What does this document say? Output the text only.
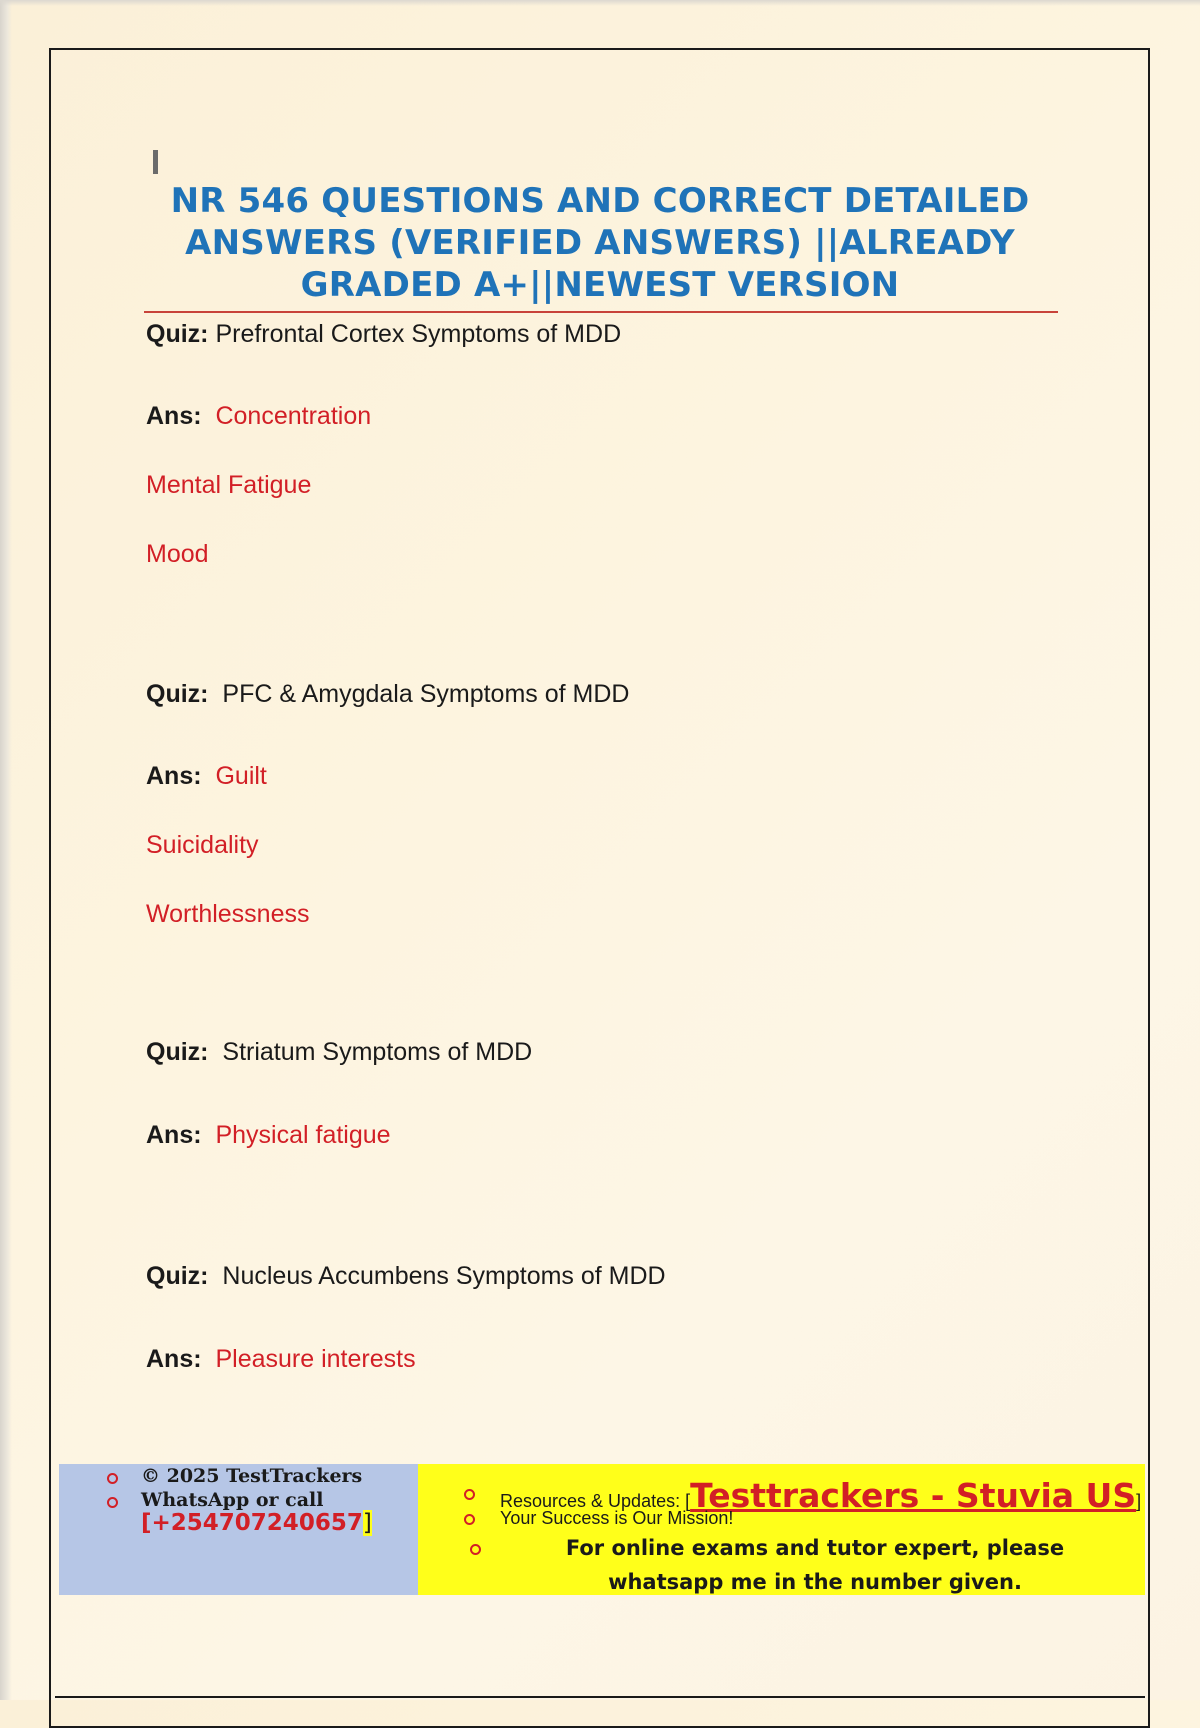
NR 546 QUESTIONS AND CORRECT DETAILED ANSWERS (VERIFIED ANSWERS) ||ALREADY GRADED A+||NEWEST VERSION
Quiz: Prefrontal Cortex Symptoms of MDD
Ans: Concentration
Mental Fatigue
Mood
Quiz: PFC & Amygdala Symptoms of MDD
Ans: Guilt
Suicidality
Worthlessness
Quiz: Striatum Symptoms of MDD
Ans: Physical fatigue
Quiz: Nucleus Accumbens Symptoms of MDD
Ans: Pleasure interests
© 2025 TestTrackers
WhatsApp or call
[+254707240657]
Resources & Updates: [Testtrackers - Stuvia US]
Your Success is Our Mission!
For online exams and tutor expert, please whatsapp me in the number given.
